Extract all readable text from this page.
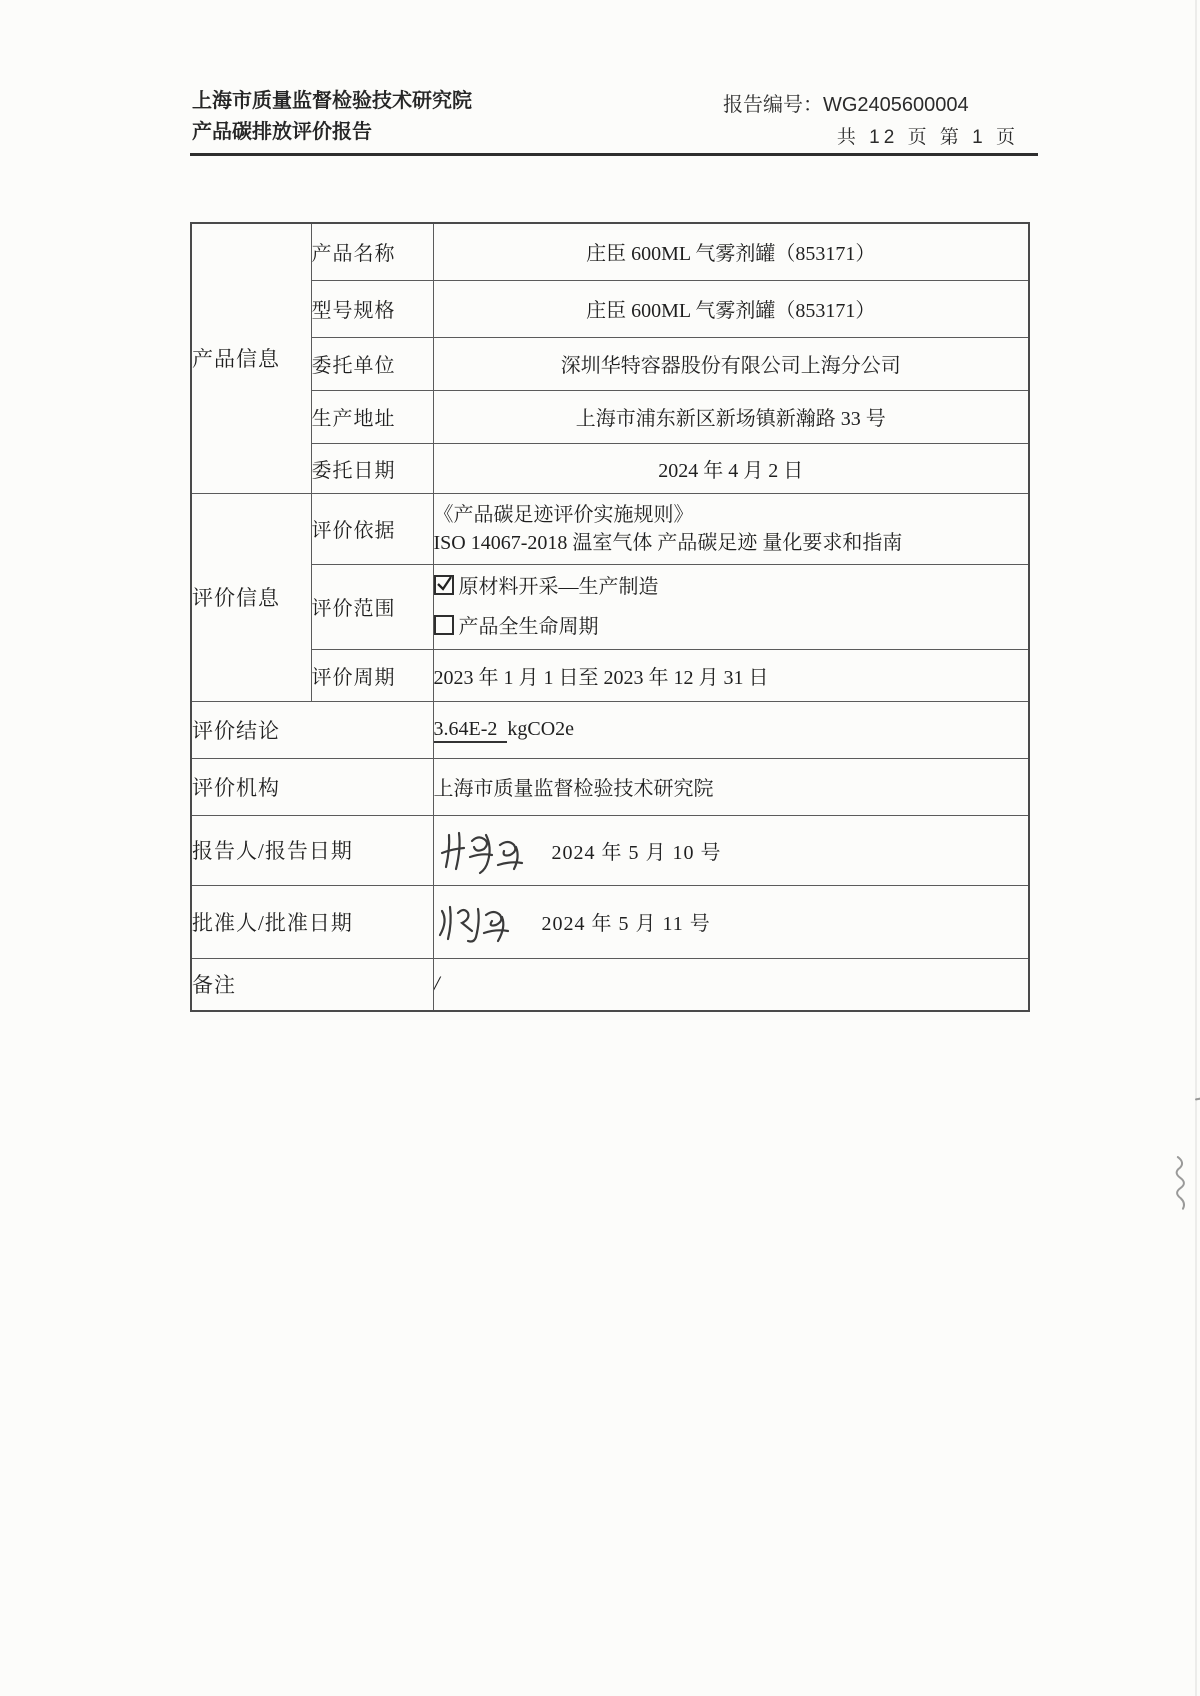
上海市质量监督检验技术研究院
产品碳排放评价报告
报告编号：WG2405600004
共 12 页 第 1 页
产品信息	产品名称	庄臣 600ML 气雾剂罐（853171）
	型号规格	庄臣 600ML 气雾剂罐（853171）
	委托单位	深圳华特容器股份有限公司上海分公司
	生产地址	上海市浦东新区新场镇新瀚路 33 号
	委托日期	2024 年 4 月 2 日
评价信息	评价依据	《产品碳足迹评价实施规则》
ISO 14067-2018 温室气体 产品碳足迹 量化要求和指南

	评价范围	原材料开采—生产制造
产品全生命周期

	评价周期	2023 年 1 月 1 日至 2023 年 12 月 31 日
评价结论		3.64E-2 kgCO2e
评价机构		上海市质量监督检验技术研究院
报告人/报告日期		2024 年 5 月 10 号
批准人/批准日期		2024 年 5 月 11 号
备注		/
